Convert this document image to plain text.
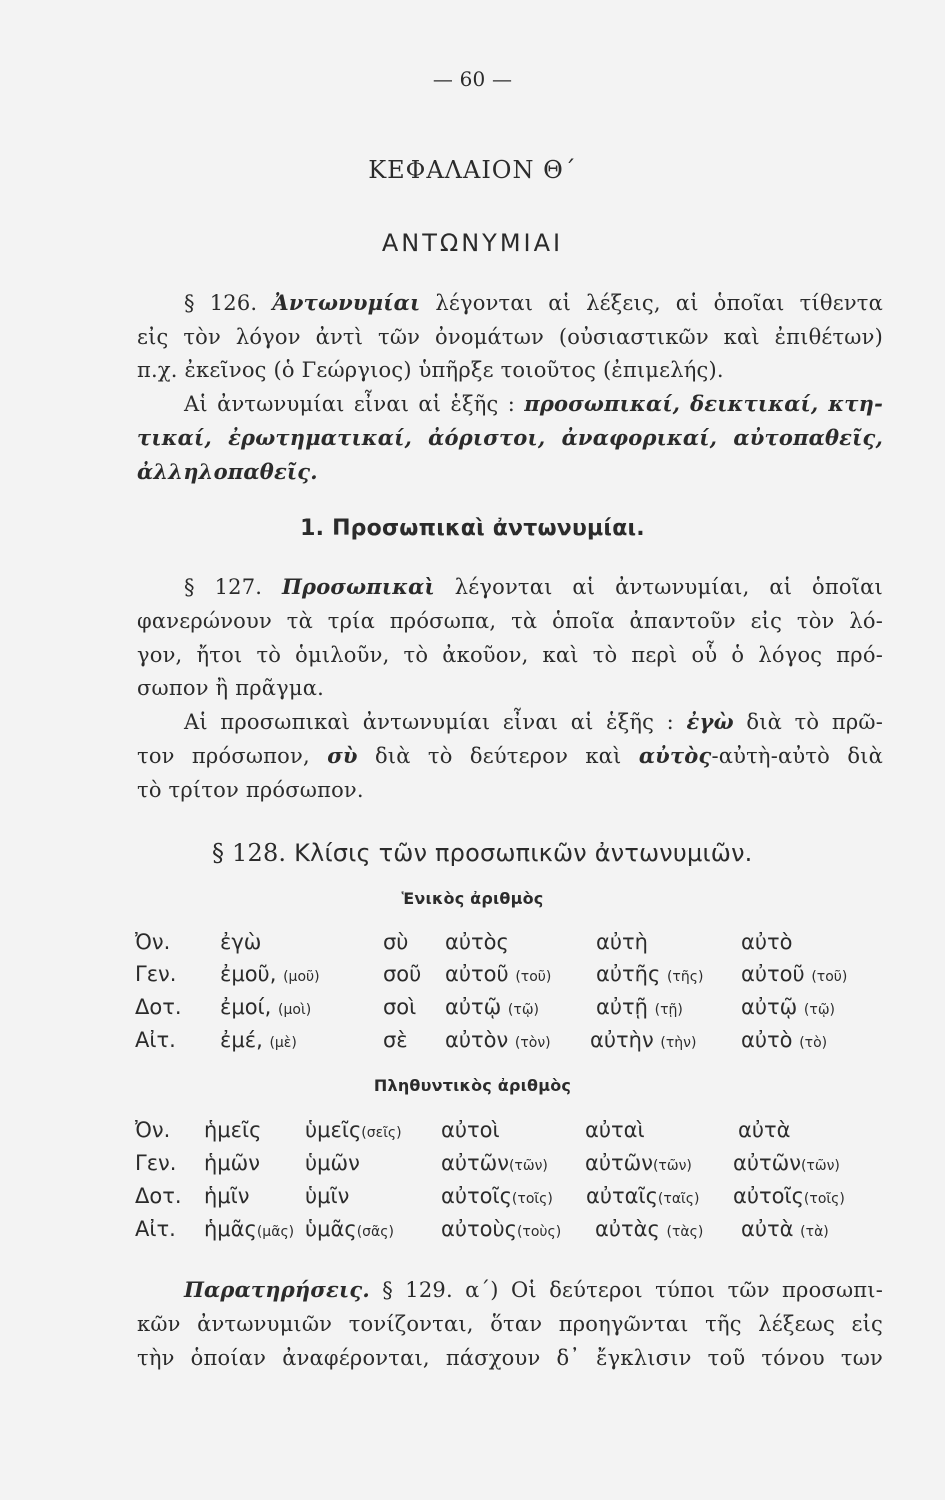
— 60 —
ΚΕΦΑΛΑΙΟΝ Θ΄
ΑΝΤΩΝΥΜΙΑΙ
§ 126. Ἀντωνυμίαι λέγονται αἱ λέξεις, αἱ ὁποῖαι τίθεντα
εἰς τὸν λόγον ἀντὶ τῶν ὀνομάτων (οὐσιαστικῶν καὶ ἐπιθέτων)
π.χ. ἐκεῖνος (ὁ Γεώργιος) ὑπῆρξε τοιοῦτος (ἐπιμελής).
Αἱ ἀντωνυμίαι εἶναι αἱ ἑξῆς : προσωπικαί, δεικτικαί, κτη-
τικαί, ἐρωτηματικαί, ἀόριστοι, ἀναφορικαί, αὐτοπαθεῖς,
ἀλληλοπαθεῖς.
1. Προσωπικαὶ ἀντωνυμίαι.
§ 127. Προσωπικαὶ λέγονται αἱ ἀντωνυμίαι, αἱ ὁποῖαι
φανερώνουν τὰ τρία πρόσωπα, τὰ ὁποῖα ἀπαντοῦν εἰς τὸν λό-
γον, ἤτοι τὸ ὁμιλοῦν, τὸ ἀκοῦον, καὶ τὸ περὶ οὗ ὁ λόγος πρό-
σωπον ἢ πρᾶγμα.
Αἱ προσωπικαὶ ἀντωνυμίαι εἶναι αἱ ἑξῆς : ἐγὼ διὰ τὸ πρῶ-
τον πρόσωπον, σὺ διὰ τὸ δεύτερον καὶ αὐτὸς-αὐτὴ-αὐτὸ διὰ
τὸ τρίτον πρόσωπον.
§ 128. Κλίσις τῶν προσωπικῶν ἀντωνυμιῶν.
Ἑνικὸς ἀριθμὸς
Ὀν. ἐγὼ	σὺ αὐτὸς	αὐτὴ	αὐτὸ
Γεν. ἐμοῦ, (μοῦ)	σοῦ αὐτοῦ (τοῦ) αὐτῆς (τῆς) αὐτοῦ (τοῦ)
Δοτ. ἐμοί, (μοὶ)	σοὶ αὐτῷ (τῷ)	αὐτῇ (τῇ)	αὐτῷ (τῷ)
Αἰτ. ἐμέ, (μὲ)	σὲ αὐτὸν (τὸν) αὐτὴν (τὴν) αὐτὸ (τὸ)
Πληθυντικὸς ἀριθμὸς
Ὀν. ἡμεῖς ὑμεῖς(σεῖς) αὐτοὶ	αὐταὶ	αὐτὰ
Γεν. ἡμῶν ὑμῶν	αὐτῶν(τῶν) αὐτῶν(τῶν) αὐτῶν(τῶν)
Δοτ. ἡμῖν	ὑμῖν	αὐτοῖς(τοῖς) αὐταῖς(ταῖς) αὐτοῖς(τοῖς)
Αἰτ. ἡμᾶς(μᾶς) ὑμᾶς(σᾶς) αὐτοὺς(τοὺς) αὐτὰς (τὰς) αὐτὰ (τὰ)
Παρατηρήσεις. § 129. α΄) Οἱ δεύτεροι τύποι τῶν προσωπι-
κῶν ἀντωνυμιῶν τονίζονται, ὅταν προηγῶνται τῆς λέξεως εἰς
τὴν ὁποίαν ἀναφέρονται, πάσχουν δ᾽ ἔγκλισιν τοῦ τόνου των
